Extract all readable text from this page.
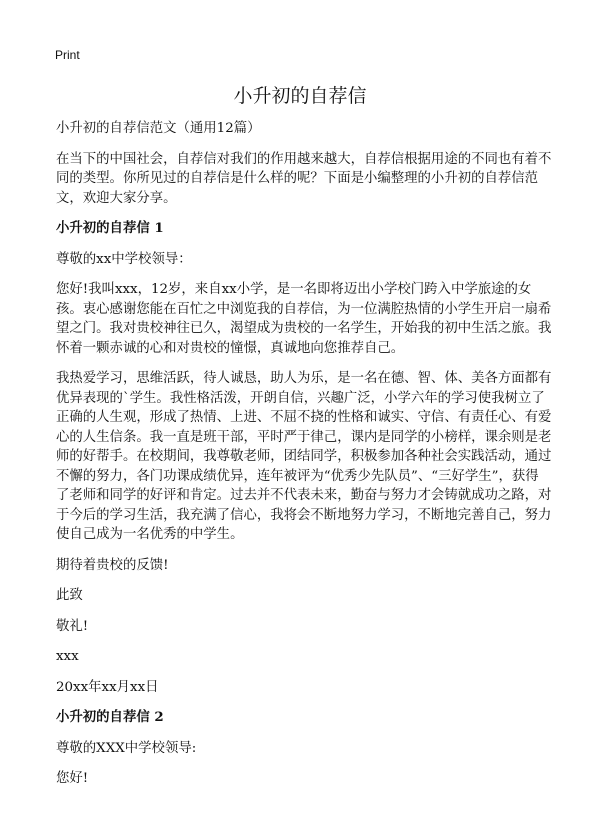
Print
小升初的自荐信

小升初的自荐信范文（通用12篇）

在当下的中国社会，自荐信对我们的作用越来越大，自荐信根据用途的不同也有着不同的类型。你所见过的自荐信是什么样的呢？下面是小编整理的小升初的自荐信范文，欢迎大家分享。

小升初的自荐信 1

尊敬的xx中学校领导：

您好!我叫xxx，12岁，来自xx小学，是一名即将迈出小学校门跨入中学旅途的女孩。衷心感谢您能在百忙之中浏览我的自荐信，为一位满腔热情的小学生开启一扇希望之门。我对贵校神往已久，渴望成为贵校的一名学生，开始我的初中生活之旅。我怀着一颗赤诚的心和对贵校的憧憬，真诚地向您推荐自己。

我热爱学习，思维活跃，待人诚恳，助人为乐，是一名在德、智、体、美各方面都有优异表现的`学生。我性格活泼，开朗自信，兴趣广泛，小学六年的学习使我树立了正确的人生观，形成了热情、上进、不屈不挠的性格和诚实、守信、有责任心、有爱心的人生信条。我一直是班干部，平时严于律己，课内是同学的小榜样，课余则是老师的好帮手。在校期间，我尊敬老师，团结同学，积极参加各种社会实践活动，通过不懈的努力，各门功课成绩优异，连年被评为“优秀少先队员”、“三好学生”，获得了老师和同学的好评和肯定。过去并不代表未来，勤奋与努力才会铸就成功之路，对于今后的学习生活，我充满了信心，我将会不断地努力学习，不断地完善自己，努力使自己成为一名优秀的中学生。

期待着贵校的反馈!

此致

敬礼!

xxx

20xx年xx月xx日

小升初的自荐信 2

尊敬的XXX中学校领导:

您好!
